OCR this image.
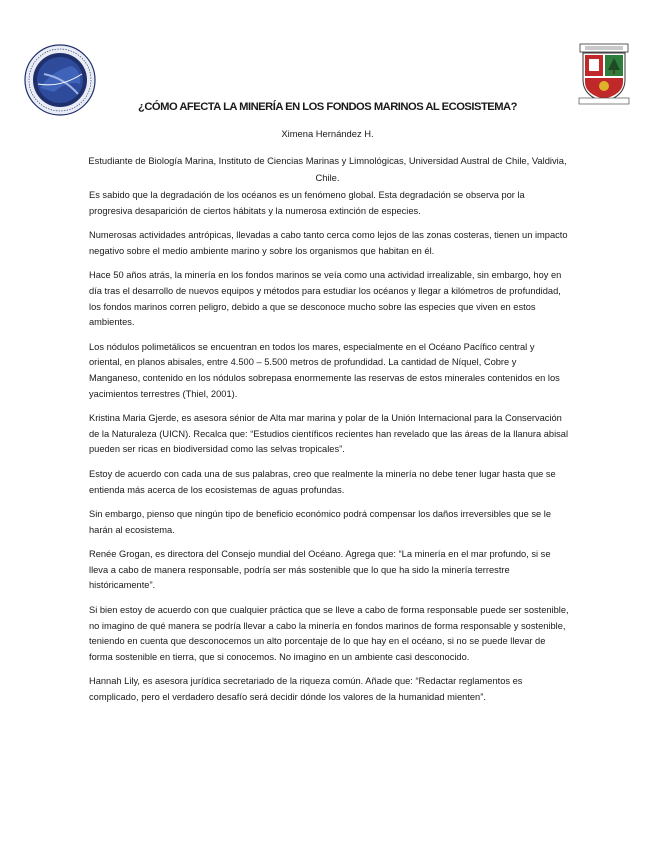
¿CÓMO AFECTA LA MINERÍA EN LOS FONDOS MARINOS AL ECOSISTEMA?

Ximena Hernández H.

Estudiante de Biología Marina, Instituto de Ciencias Marinas y Limnológicas, Universidad Austral de Chile, Valdivia, Chile.

Es sabido que la degradación de los océanos es un fenómeno global. Esta degradación se observa por la progresiva desaparición de ciertos hábitats y la numerosa extinción de especies.

Numerosas actividades antrópicas, llevadas a cabo tanto cerca como lejos de las zonas costeras, tienen un impacto negativo sobre el medio ambiente marino y sobre los organismos que habitan en él.

Hace 50 años atrás, la minería en los fondos marinos se veía como una actividad irrealizable, sin embargo, hoy en día tras el desarrollo de nuevos equipos y métodos para estudiar los océanos y llegar a kilómetros de profundidad, los fondos marinos corren peligro, debido a que se desconoce mucho sobre las especies que viven en estos ambientes.

Los nódulos polimetálicos se encuentran en todos los mares, especialmente en el Océano Pacífico central y oriental, en planos abisales, entre 4.500 – 5.500 metros de profundidad. La cantidad de Níquel, Cobre y Manganeso, contenido en los nódulos sobrepasa enormemente las reservas de estos minerales contenidos en los yacimientos terrestres (Thiel, 2001).

Kristina Maria Gjerde, es asesora sénior de Alta mar marina y polar de la Unión Internacional para la Conservación de la Naturaleza (UICN). Recalca que: “Estudios científicos recientes han revelado que las áreas de la llanura abisal pueden ser ricas en biodiversidad como las selvas tropicales”.

Estoy de acuerdo con cada una de sus palabras, creo que realmente la minería no debe tener lugar hasta que se entienda más acerca de los ecosistemas de aguas profundas.

Sin embargo, pienso que ningún tipo de beneficio económico podrá compensar los daños irreversibles que se le harán al ecosistema.

Renée Grogan, es directora del Consejo mundial del Océano. Agrega que: “La minería en el mar profundo, si se lleva a cabo de manera responsable, podría ser más sostenible que lo que ha sido la minería terrestre históricamente”.

Si bien estoy de acuerdo con que cualquier práctica que se lleve a cabo de forma responsable puede ser sostenible, no imagino de qué manera se podría llevar a cabo la minería en fondos marinos de forma responsable y sostenible, teniendo en cuenta que desconocemos un alto porcentaje de lo que hay en el océano, si no se puede llevar de forma sostenible en tierra, que si conocemos. No imagino en un ambiente casi desconocido.

Hannah Lily, es asesora jurídica secretariado de la riqueza común. Añade que: “Redactar reglamentos es complicado, pero el verdadero desafío será decidir dónde los valores de la humanidad mienten”.
